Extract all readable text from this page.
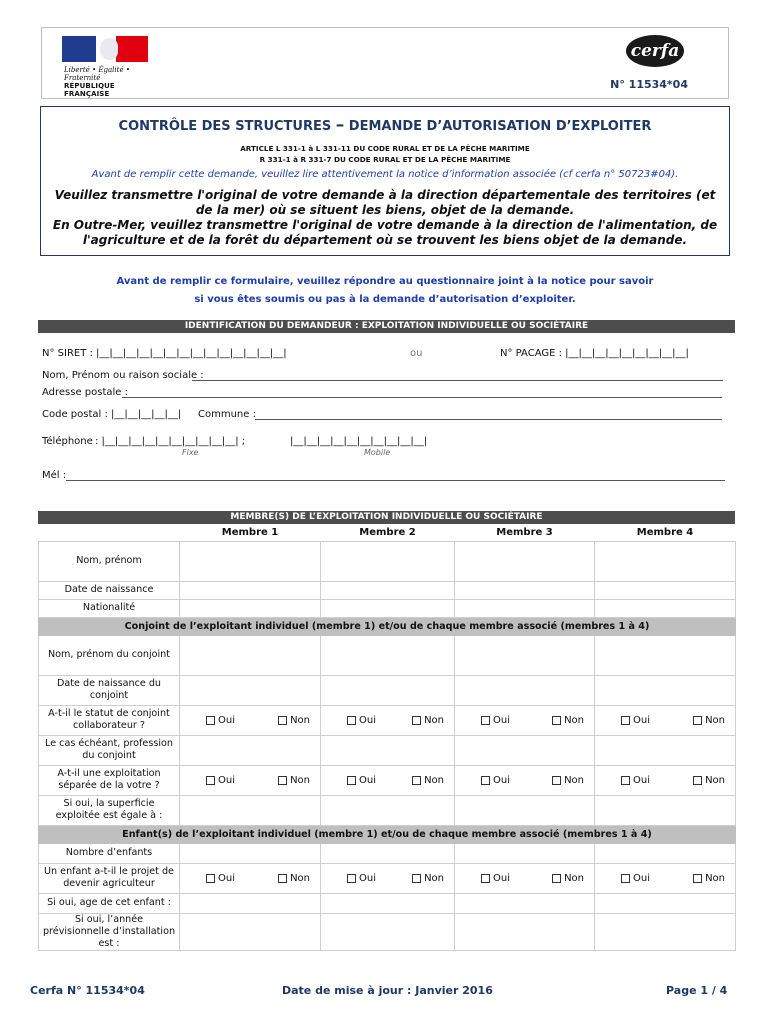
Liberté • Égalité • Fraternité
RÉPUBLIQUE FRANÇAISE
cerfa
N° 11534*04
CONTRÔLE DES STRUCTURES – DEMANDE D’AUTORISATION D’EXPLOITER
ARTICLE L 331-1 à L 331-11 DU CODE RURAL ET DE LA PÊCHE MARITIME
R 331-1 à R 331-7 DU CODE RURAL ET DE LA PÊCHE MARITIME
Avant de remplir cette demande, veuillez lire attentivement la notice d’information associée (cf cerfa n° 50723#04).
Veuillez transmettre l'original de votre demande à la direction départementale des territoires (et de la mer) où se situent les biens, objet de la demande.
En Outre-Mer, veuillez transmettre l'original de votre demande à la direction de l'alimentation, de l'agriculture et de la forêt du département où se trouvent les biens objet de la demande.
Avant de remplir ce formulaire, veuillez répondre au questionnaire joint à la notice pour savoir
si vous êtes soumis ou pas à la demande d’autorisation d’exploiter.
IDENTIFICATION DU DEMANDEUR : EXPLOITATION INDIVIDUELLE OU SOCIÉTAIRE
N° SIRET : |__|__|__|__|__|__|__|__|__|__|__|__|__|__|	ou	N° PACAGE : |__|__|__|__|__|__|__|__|__|
Nom, Prénom ou raison sociale :
Adresse postale :
Code postal : |__|__|__|__|__| Commune :
Téléphone : |__|__|__|__|__|__|__|__|__|__| ;	|__|__|__|__|__|__|__|__|__|__|
Fixe	Mobile
Mél :
MEMBRE(S) DE L’EXPLOITATION INDIVIDUELLE OU SOCIÉTAIRE
	Membre 1	Membre 2	Membre 3	Membre 4
Nom, prénom				
Date de naissance				
Nationalité				
Conjoint de l’exploitant individuel (membre 1) et/ou de chaque membre associé (membres 1 à 4)				
Nom, prénom du conjoint				
Date de naissance du conjoint				
A-t-il le statut de conjoint collaborateur ?	Oui Non	Oui Non	Oui Non	Oui Non

Le cas échéant, profession du conjoint				
A-t-il une exploitation séparée de la votre ?	Oui Non	Oui Non	Oui Non	Oui Non

Si oui, la superficie exploitée est égale à :				
Enfant(s) de l’exploitant individuel (membre 1) et/ou de chaque membre associé (membres 1 à 4)				
Nombre d’enfants				
Un enfant a-t-il le projet de devenir agriculteur	Oui Non	Oui Non	Oui Non	Oui Non

Si oui, age de cet enfant :				
Si oui, l’année prévisionnelle d’installation est :				
Cerfa N° 11534*04	Date de mise à jour : Janvier 2016	Page 1 / 4
